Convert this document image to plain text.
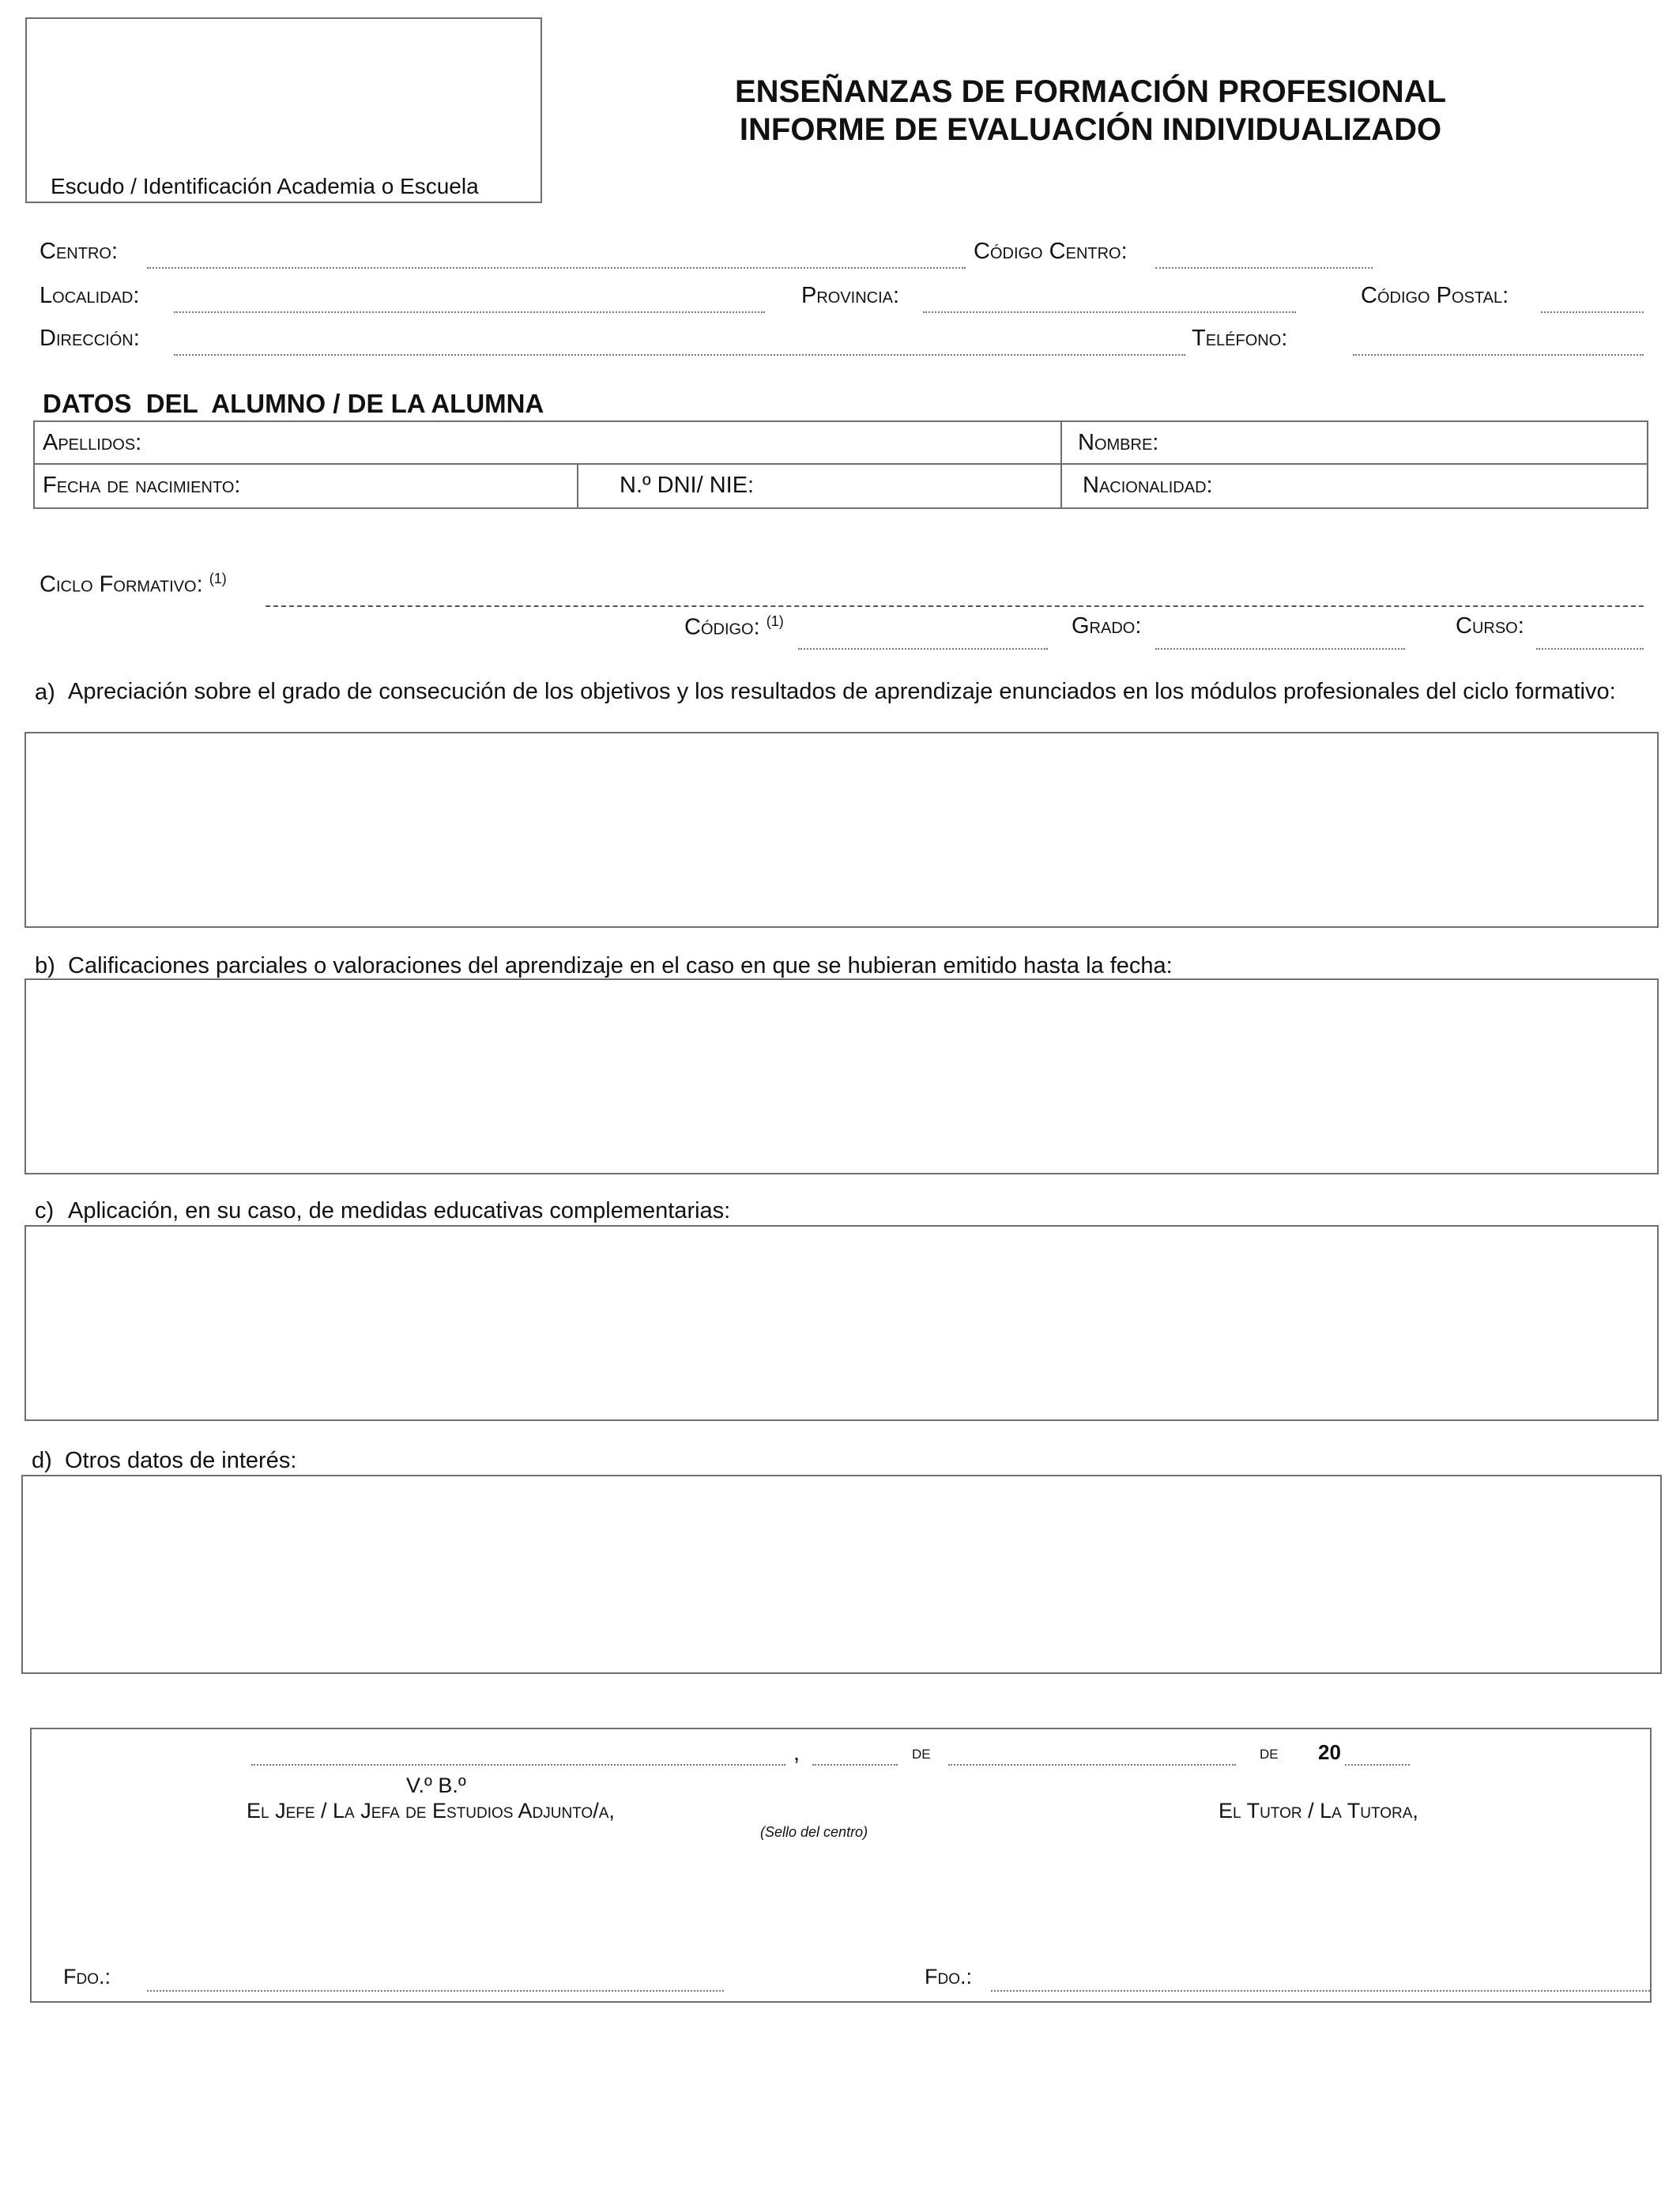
Escudo / Identificación Academia o Escuela
ENSEÑANZAS DE FORMACIÓN PROFESIONAL
INFORME DE EVALUACIÓN INDIVIDUALIZADO
Centro:	Código Centro:
Localidad:	Provincia:	Código Postal:
Dirección:	Teléfono:
DATOS  DEL  ALUMNO / DE LA ALUMNA
Apellidos:	Nombre:
Fecha de nacimiento:	N.º DNI/ NIE:	Nacionalidad:
Ciclo Formativo: $^{(1)}$
Código: $^{(1)}$	Grado:	Curso:
a) Apreciación sobre el grado de consecución de los objetivos y los resultados de aprendizaje enunciados en los módulos profesionales del ciclo formativo:
b) Calificaciones parciales o valoraciones del aprendizaje en el caso en que se hubieran emitido hasta la fecha:
c) Aplicación, en su caso, de medidas educativas complementarias:
d) Otros datos de interés:
,	de	de 20
V.º B.º
El Jefe / La Jefa de Estudios Adjunto/a,
(Sello del centro)
El Tutor / La Tutora,
Fdo.:	Fdo.:
